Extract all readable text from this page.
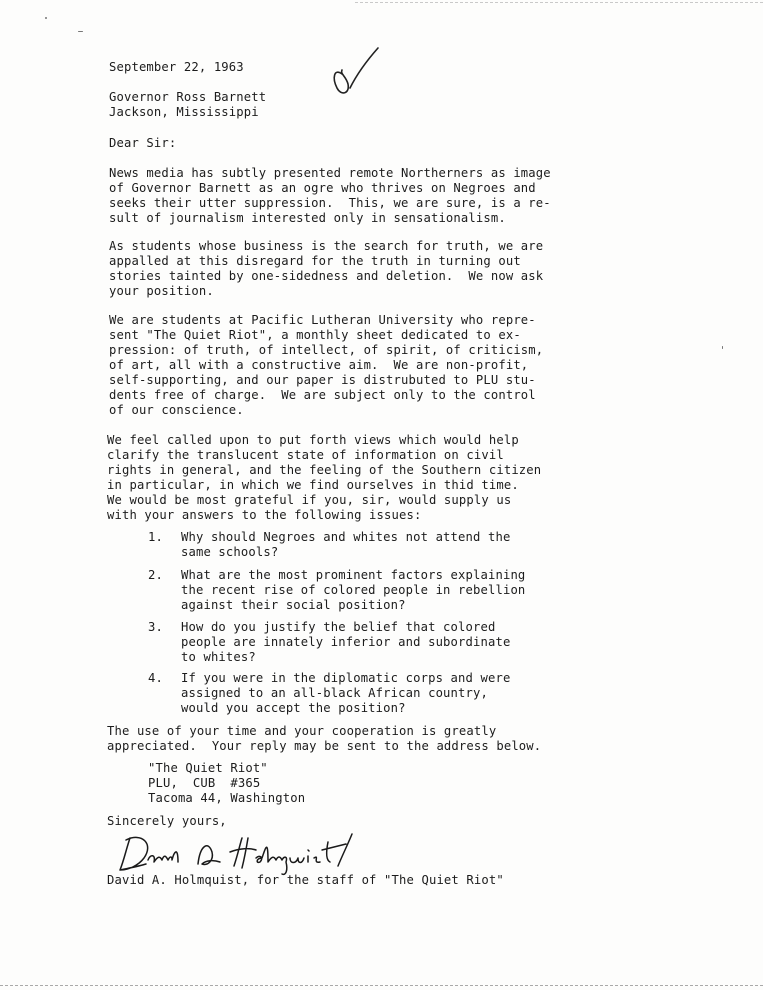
September 22, 1963
Governor Ross Barnett
Jackson, Mississippi
Dear Sir:
News media has subtly presented remote Northerners as image
of Governor Barnett as an ogre who thrives on Negroes and
seeks their utter suppression.  This, we are sure, is a re-
sult of journalism interested only in sensationalism.
As students whose business is the search for truth, we are
appalled at this disregard for the truth in turning out
stories tainted by one-sidedness and deletion.  We now ask
your position.
We are students at Pacific Lutheran University who repre-
sent "The Quiet Riot", a monthly sheet dedicated to ex-
pression: of truth, of intellect, of spirit, of criticism,
of art, all with a constructive aim.  We are non-profit,
self-supporting, and our paper is distrubuted to PLU stu-
dents free of charge.  We are subject only to the control
of our conscience.
We feel called upon to put forth views which would help
clarify the translucent state of information on civil
rights in general, and the feeling of the Southern citizen
in particular, in which we find ourselves in thid time.
We would be most grateful if you, sir, would supply us
with your answers to the following issues:
1. Why should Negroes and whites not attend the
same schools?
2. What are the most prominent factors explaining
the recent rise of colored people in rebellion
against their social position?
3. How do you justify the belief that colored
people are innately inferior and subordinate
to whites?
4. If you were in the diplomatic corps and were
assigned to an all-black African country,
would you accept the position?
The use of your time and your cooperation is greatly
appreciated.  Your reply may be sent to the address below.
"The Quiet Riot"
PLU,  CUB  #365
Tacoma 44, Washington
Sincerely yours,
David A. Holmquist, for the staff of "The Quiet Riot"
